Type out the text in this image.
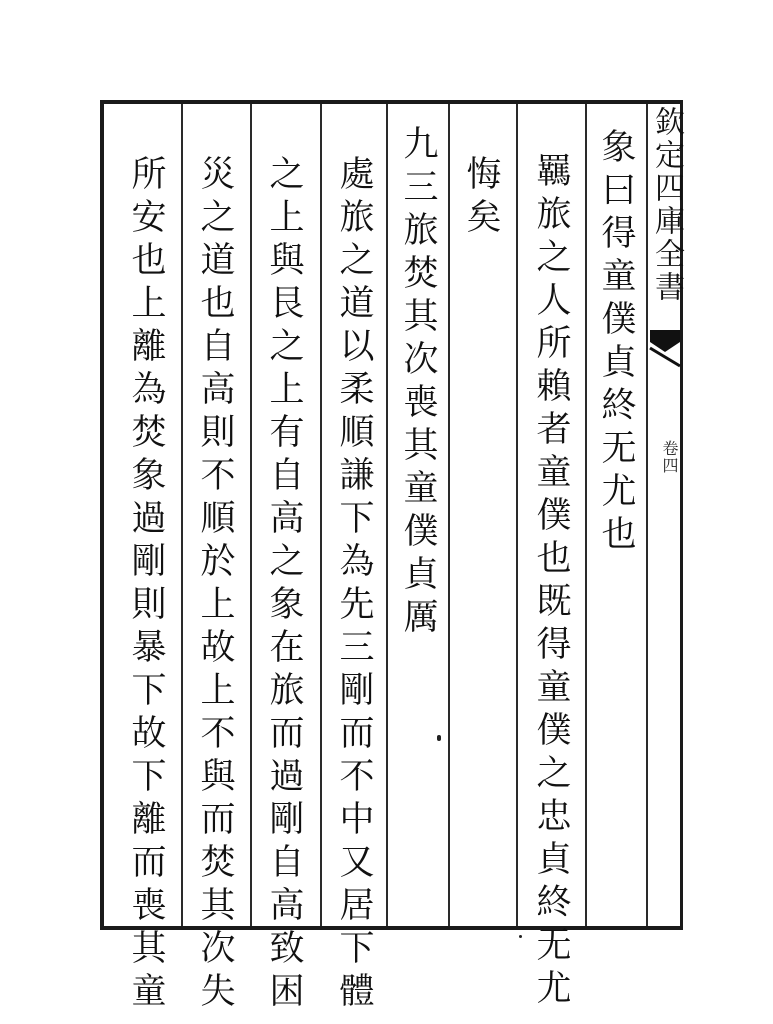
象曰得童僕貞終无尤也
羈旅之人所賴者童僕也既得童僕之忠貞終无尤
悔矣
九三旅焚其次喪其童僕貞厲
處旅之道以柔順謙下為先三剛而不中又居下體
之上與艮之上有自高之象在旅而過剛自高致困
災之道也自高則不順於上故上不與而焚其次失
所安也上離為焚象過剛則暴下故下離而喪其童	欽定四庫全書
卷四
